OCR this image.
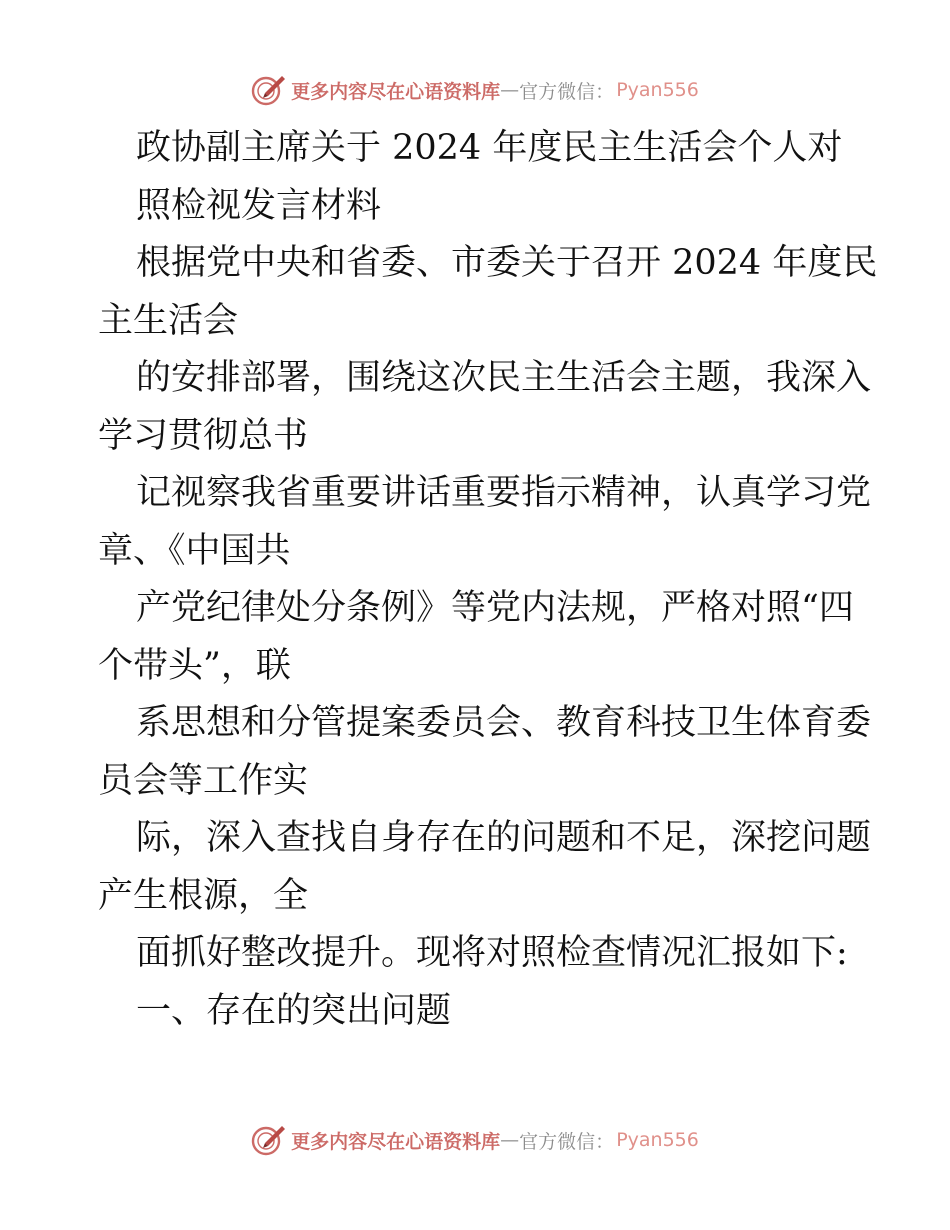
更多内容尽在心语资料库 — 官方微信： Pyan556
政协副主席关于 2024 年度民主生活会个人对
照检视发言材料
根据党中央和省委、市委关于召开 2024 年度民
主生活会
的安排部署，围绕这次民主生活会主题，我深入
学习贯彻总书
记视察我省重要讲话重要指示精神，认真学习党
章、《中国共
产党纪律处分条例》等党内法规，严格对照“四
个带头”，联
系思想和分管提案委员会、教育科技卫生体育委
员会等工作实
际，深入查找自身存在的问题和不足，深挖问题
产生根源，全
面抓好整改提升。现将对照检查情况汇报如下:
一、存在的突出问题
更多内容尽在心语资料库 — 官方微信： Pyan556
